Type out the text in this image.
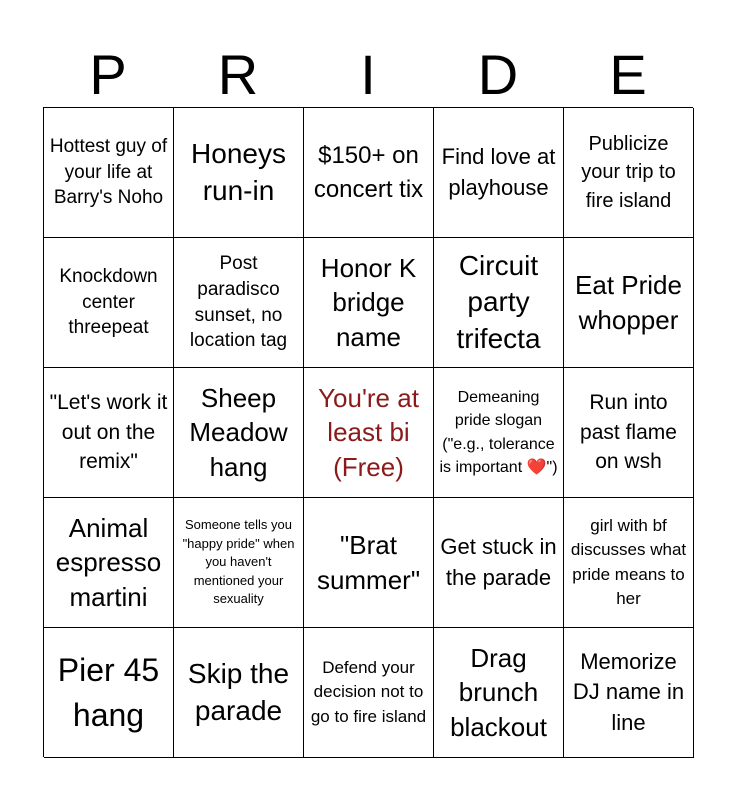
P	R	I	D	E
Hottest guy of your life at Barry's Noho
Honeys run-in
$150+ on concert tix
Find love at playhouse
Publicize your trip to fire island
Knockdown center threepeat
Post paradisco sunset, no location tag
Honor K bridge name
Circuit party trifecta
Eat Pride whopper
"Let's work it out on the remix"
Sheep Meadow hang
You're at least bi (Free)
Demeaning pride slogan ("e.g., tolerance is important ❤️")
Run into past flame on wsh
Animal espresso martini
Someone tells you "happy pride" when you haven't mentioned your sexuality
"Brat summer"
Get stuck in the parade
girl with bf discusses what pride means to her
Pier 45 hang
Skip the parade
Defend your decision not to go to fire island
Drag brunch blackout
Memorize DJ name in line
